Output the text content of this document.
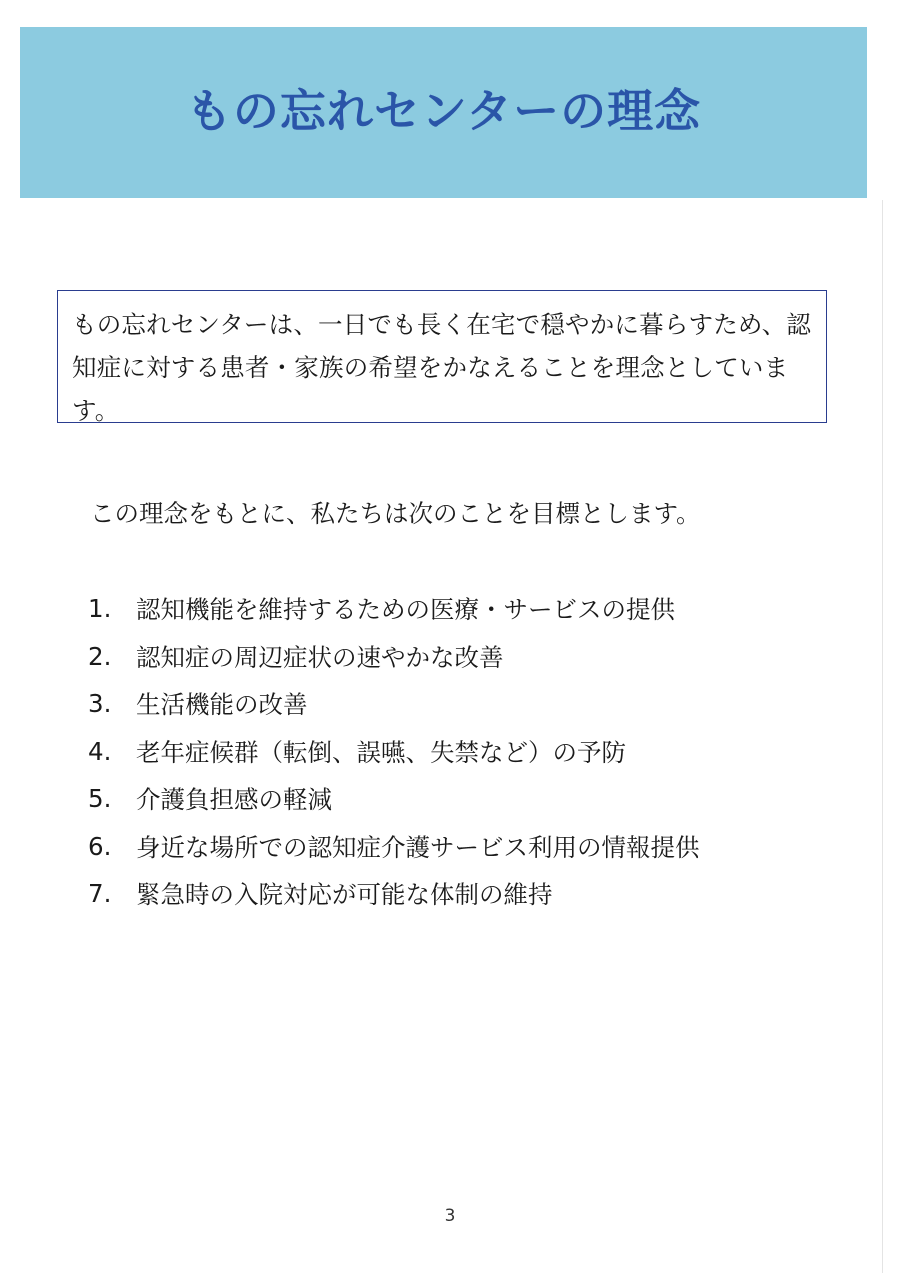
もの忘れセンターの理念
もの忘れセンターは、一日でも長く在宅で穏やかに暮らすため、認知症に対する患者・家族の希望をかなえることを理念としています。
この理念をもとに、私たちは次のことを目標とします。
1.	認知機能を維持するための医療・サービスの提供
2.	認知症の周辺症状の速やかな改善
3.	生活機能の改善
4.	老年症候群（転倒、誤嚥、失禁など）の予防
5.	介護負担感の軽減
6.	身近な場所での認知症介護サービス利用の情報提供
7.	緊急時の入院対応が可能な体制の維持
3
